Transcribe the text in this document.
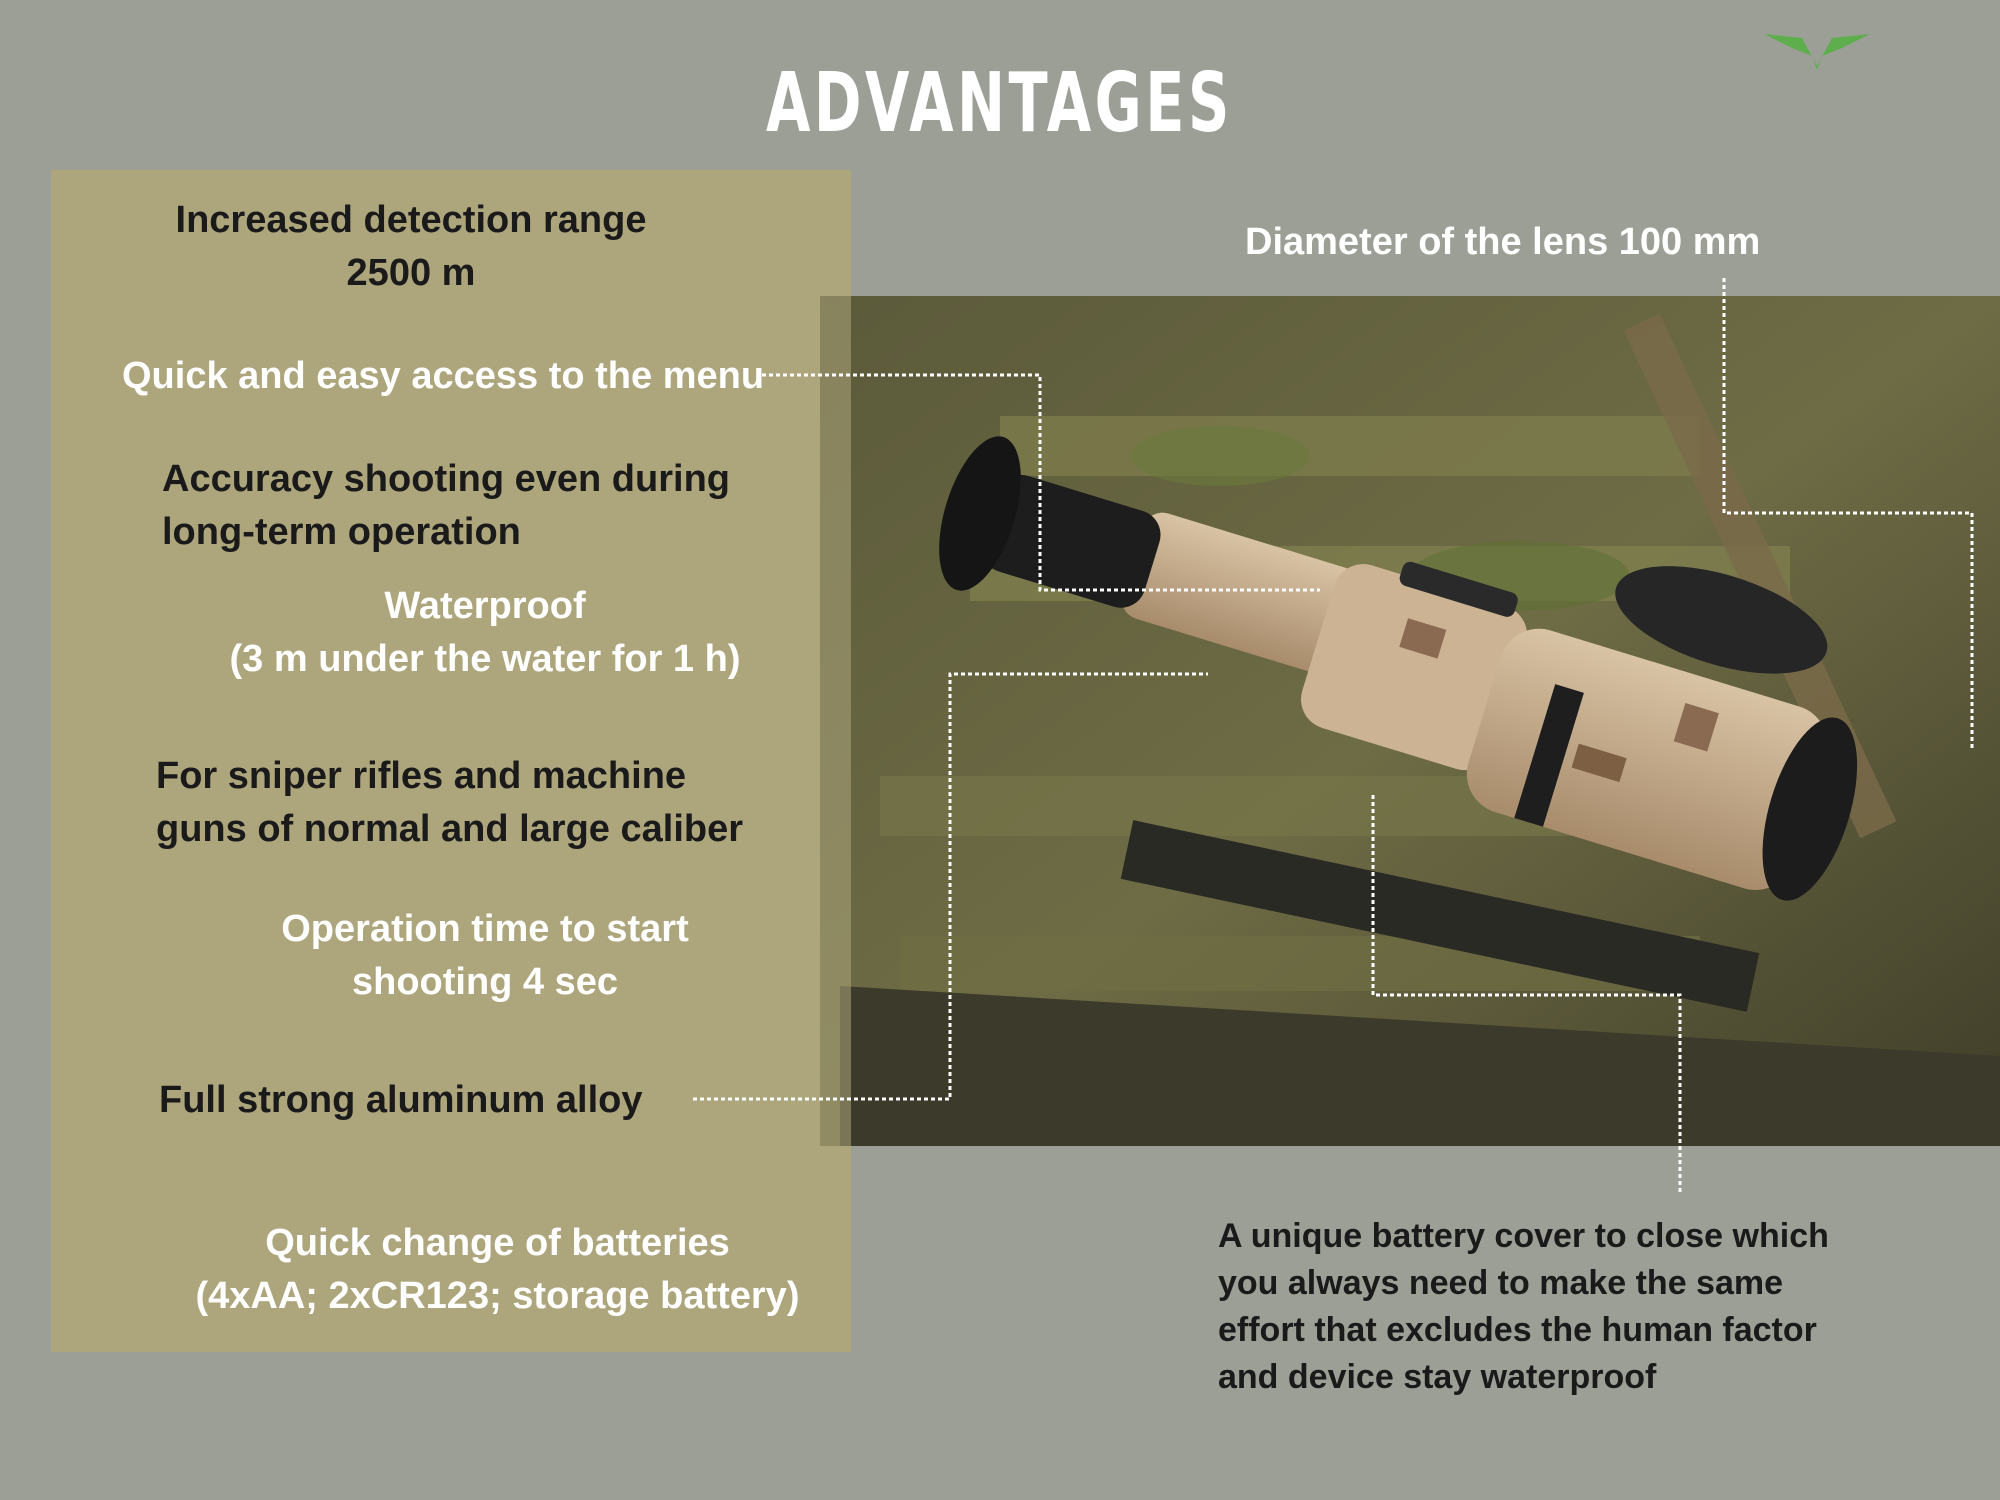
ADVANTAGES
Increased detection range
2500 m
Quick and easy access to the menu
Accuracy shooting even during
long-term operation
Waterproof
(3 m under the water for 1 h)
For sniper rifles and machine
guns of normal and large caliber
Operation time to start
shooting 4 sec
Full strong aluminum alloy
Quick change of batteries
(4xAA; 2xCR123; storage battery)
Diameter of the lens 100 mm
A unique battery cover to close which you always need to make the same effort that excludes the human factor and device stay waterproof
